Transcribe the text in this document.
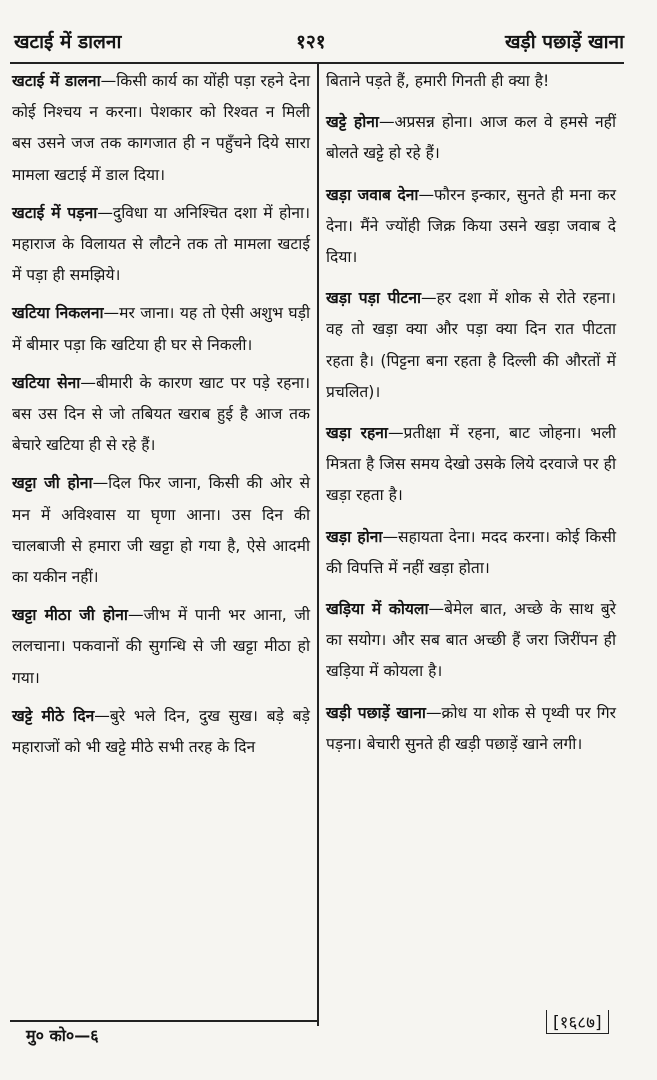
खटाई में डालना	१२१	खड़ी पछाड़ें खाना

खटाई में डालना—किसी कार्य का योंही पड़ा रहने देना कोई निश्चय न करना। पेशकार को रिश्वत न मिली बस उसने जज तक कागजात ही न पहुँचने दिये सारा मामला खटाई में डाल दिया।

खटाई में पड़ना—दुविधा या अनिश्चित दशा में होना। महाराज के विलायत से लौटने तक तो मामला खटाई में पड़ा ही समझिये।

खटिया निकलना—मर जाना। यह तो ऐसी अशुभ घड़ी में बीमार पड़ा कि खटिया ही घर से निकली।

खटिया सेना—बीमारी के कारण खाट पर पड़े रहना। बस उस दिन से जो तबियत खराब हुई है आज तक बेचारे खटिया ही से रहे हैं।

खट्टा जी होना—दिल फिर जाना, किसी की ओर से मन में अविश्वास या घृणा आना। उस दिन की चालबाजी से हमारा जी खट्टा हो गया है, ऐसे आदमी का यकीन नहीं।

खट्टा मीठा जी होना—जीभ में पानी भर आना, जी ललचाना। पकवानों की सुगन्धि से जी खट्टा मीठा हो गया।

खट्टे मीठे दिन—बुरे भले दिन, दुख सुख। बड़े बड़े महाराजों को भी खट्टे मीठे सभी तरह के दिन

बिताने पड़ते हैं, हमारी गिनती ही क्या है!

खट्टे होना—अप्रसन्न होना। आज कल वे हमसे नहीं बोलते खट्टे हो रहे हैं।

खड़ा जवाब देना—फौरन इन्कार, सुनते ही मना कर देना। मैंने ज्योंही जिक्र किया उसने खड़ा जवाब दे दिया।

खड़ा पड़ा पीटना—हर दशा में शोक से रोते रहना। वह तो खड़ा क्या और पड़ा क्या दिन रात पीटता रहता है। (पिट्टना बना रहता है दिल्ली की औरतों में प्रचलित)।

खड़ा रहना—प्रतीक्षा में रहना, बाट जोहना। भली मित्रता है जिस समय देखो उसके लिये दरवाजे पर ही खड़ा रहता है।

खड़ा होना—सहायता देना। मदद करना। कोई किसी की विपत्ति में नहीं खड़ा होता।

खड़िया में कोयला—बेमेल बात, अच्छे के साथ बुरे का सयोग। और सब बात अच्छी हैं जरा जिरींपन ही खड़िया में कोयला है।

खड़ी पछाड़ें खाना—क्रोध या शोक से पृथ्वी पर गिर पड़ना। बेचारी सुनते ही खड़ी पछाड़ें खाने लगी।

मु० को०—६
[१६८७]
